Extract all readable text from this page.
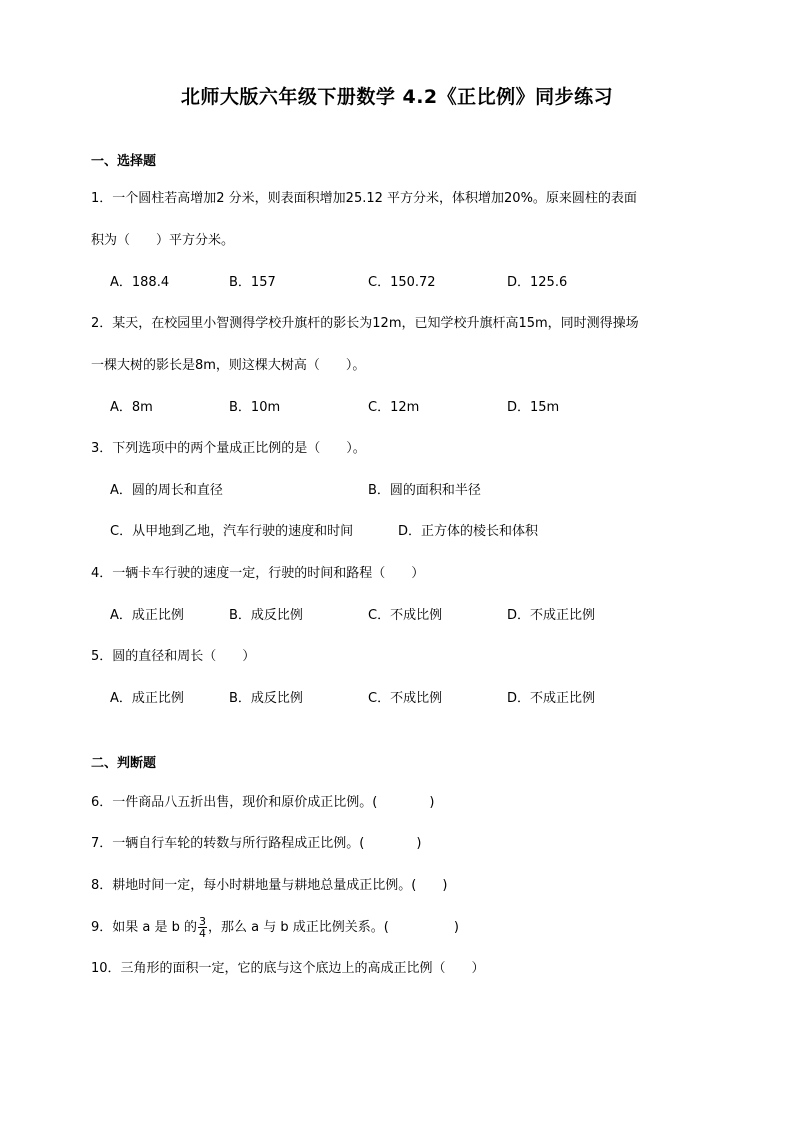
北师大版六年级下册数学 4.2《正比例》同步练习
一、选择题
1．一个圆柱若高增加2 分米，则表面积增加25.12 平方分米，体积增加20%。原来圆柱的表面
积为（　　）平方分米。
A．188.4	B．157	C．150.72	D．125.6
2．某天，在校园里小智测得学校升旗杆的影长为12m，已知学校升旗杆高15m，同时测得操场
一棵大树的影长是8m，则这棵大树高（　　）。
A．8m	B．10m	C．12m	D．15m
3．下列选项中的两个量成正比例的是（　　）。
A．圆的周长和直径	B．圆的面积和半径
C．从甲地到乙地，汽车行驶的速度和时间	D．正方体的棱长和体积
4．一辆卡车行驶的速度一定，行驶的时间和路程（　　）
A．成正比例	B．成反比例	C．不成比例	D．不成正比例
5．圆的直径和周长（　　）
A．成正比例	B．成反比例	C．不成比例	D．不成正比例
二、判断题
6．一件商品八五折出售，现价和原价成正比例。(　　　　)
7．一辆自行车轮的转数与所行路程成正比例。(　　　　)
8．耕地时间一定，每小时耕地量与耕地总量成正比例。(　　)
9．如果 a 是 b 的 $\frac{3}{4}$ ，那么 a 与 b 成正比例关系。(　　　　　)
10．三角形的面积一定，它的底与这个底边上的高成正比例（　　）
